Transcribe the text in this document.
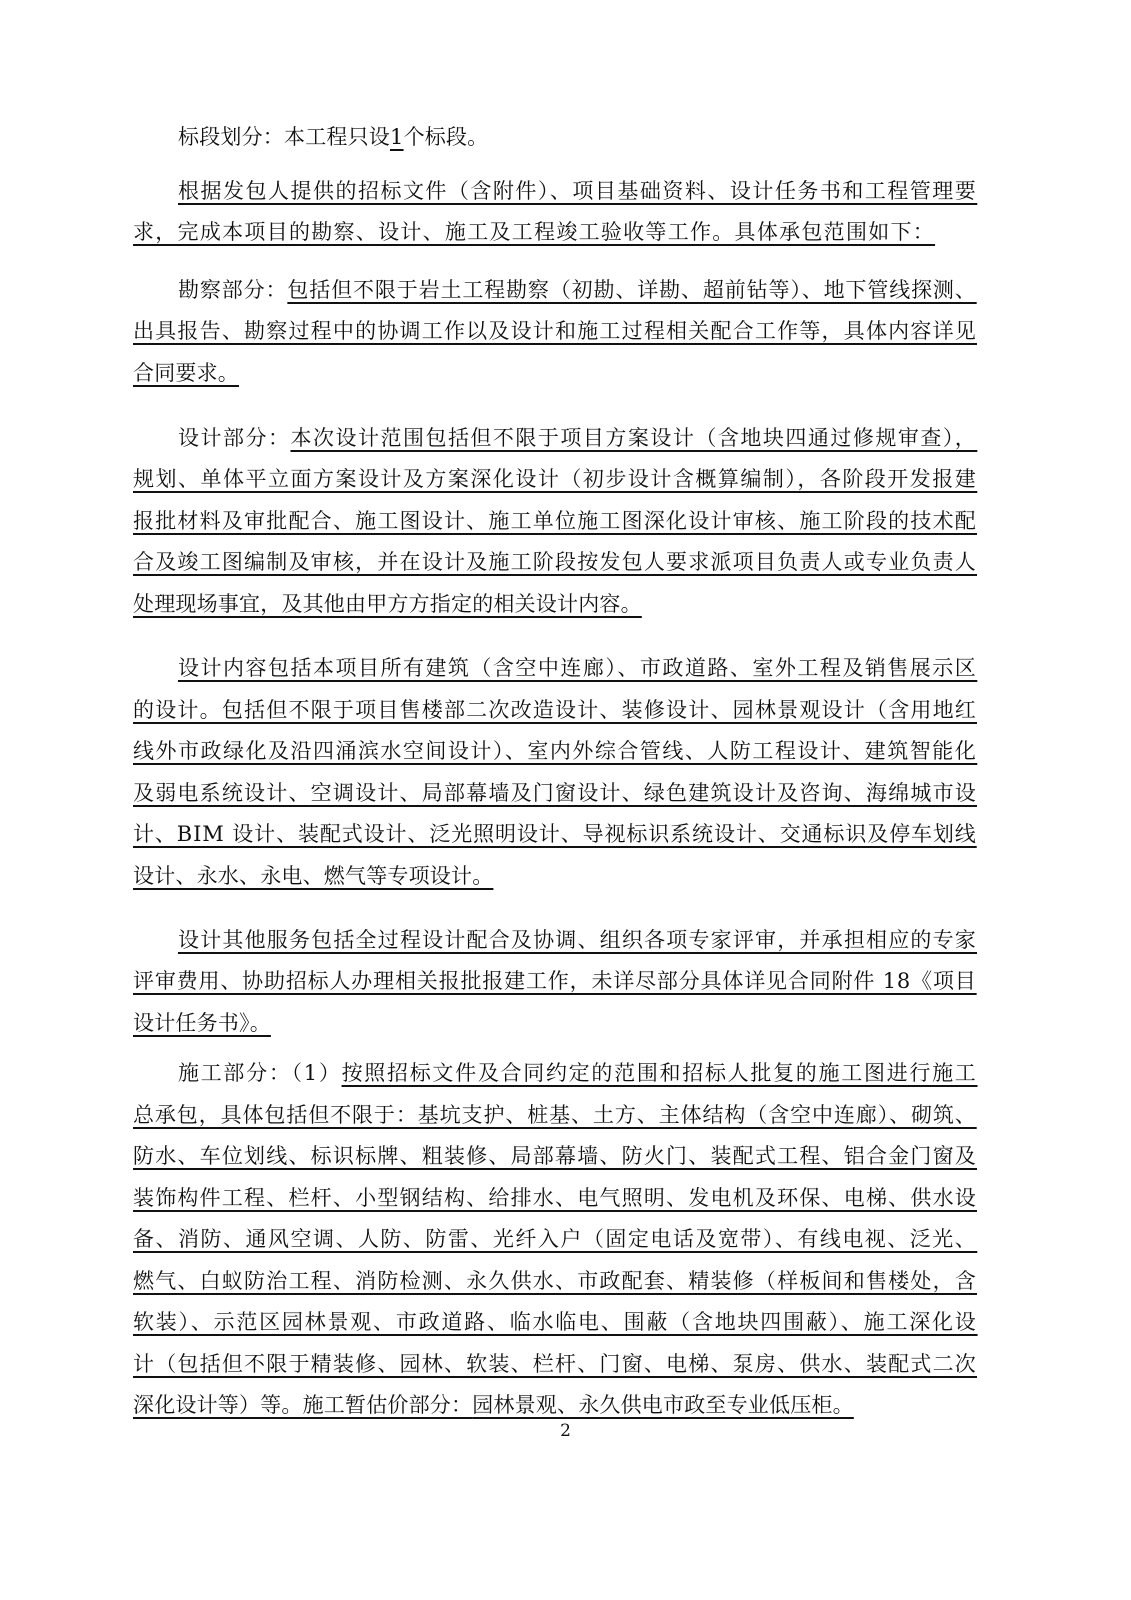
标段划分：本工程只设1个标段。
根据发包人提供的招标文件（含附件）、项目基础资料、设计任务书和工程管理要
求，完成本项目的勘察、设计、施工及工程竣工验收等工作。具体承包范围如下：
勘察部分：包括但不限于岩土工程勘察（初勘、详勘、超前钻等）、地下管线探测、
出具报告、勘察过程中的协调工作以及设计和施工过程相关配合工作等，具体内容详见
合同要求。
设计部分：本次设计范围包括但不限于项目方案设计（含地块四通过修规审查），
规划、单体平立面方案设计及方案深化设计（初步设计含概算编制），各阶段开发报建
报批材料及审批配合、施工图设计、施工单位施工图深化设计审核、施工阶段的技术配
合及竣工图编制及审核，并在设计及施工阶段按发包人要求派项目负责人或专业负责人
处理现场事宜，及其他由甲方方指定的相关设计内容。
设计内容包括本项目所有建筑（含空中连廊）、市政道路、室外工程及销售展示区
的设计。包括但不限于项目售楼部二次改造设计、装修设计、园林景观设计（含用地红
线外市政绿化及沿四涌滨水空间设计）、室内外综合管线、人防工程设计、建筑智能化
及弱电系统设计、空调设计、局部幕墙及门窗设计、绿色建筑设计及咨询、海绵城市设
计、BIM 设计、装配式设计、泛光照明设计、导视标识系统设计、交通标识及停车划线
设计、永水、永电、燃气等专项设计。
设计其他服务包括全过程设计配合及协调、组织各项专家评审，并承担相应的专家
评审费用、协助招标人办理相关报批报建工作，未详尽部分具体详见合同附件 18《项目
设计任务书》。
施工部分：（1）按照招标文件及合同约定的范围和招标人批复的施工图进行施工
总承包，具体包括但不限于：基坑支护、桩基、土方、主体结构（含空中连廊）、砌筑、
防水、车位划线、标识标牌、粗装修、局部幕墙、防火门、装配式工程、铝合金门窗及
装饰构件工程、栏杆、小型钢结构、给排水、电气照明、发电机及环保、电梯、供水设
备、消防、通风空调、人防、防雷、光纤入户（固定电话及宽带）、有线电视、泛光、
燃气、白蚁防治工程、消防检测、永久供水、市政配套、精装修（样板间和售楼处，含
软装）、示范区园林景观、市政道路、临水临电、围蔽（含地块四围蔽）、施工深化设
计（包括但不限于精装修、园林、软装、栏杆、门窗、电梯、泵房、供水、装配式二次
深化设计等）等。施工暂估价部分：园林景观、永久供电市政至专业低压柜。
2
